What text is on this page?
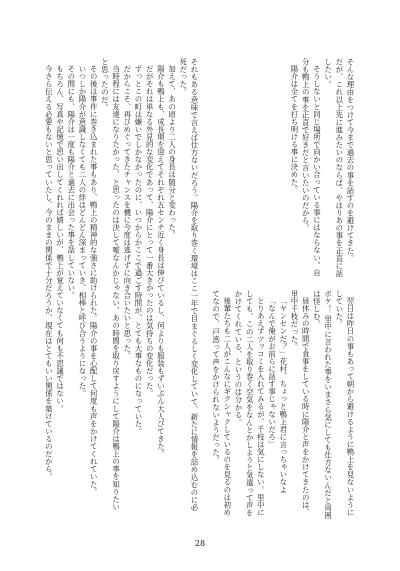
そんな理由をつけて今まで過去の事を話すのを避けてきた。

だが、これ以上先に進みたいのならば、やはりあの事を正直に話したい。

そうしないと同じ場所で向かい合っている事にはならない。自分も鴨上の事を正直で好きだと言いたいのだから。

陽介は全てを打ち明ける事に決めた。

翌日は昨日の事もあって朝から避けるように鴨上を見ないようにしていた。

ボケ！ 里中に言われた事をいまさら気にしても仕方ないんだと周囲は怪しむ。

昼休みの時間で食事をしている時に陽介と声をかけてきたのは、里中千枝だった。

「ヤンセンだ？」花村、ちょっと鴨上君に言っちゃいなよ

「なんで俺がお前らに話す事じゃないだろ」

とりあえずツッコミを入れてみるが、千枝は気にしない。里中にしても、この二人を取り巻く空気をなんとかしようと気遣って声をかけてくれている、というのは分かる。

後輩たちも二人がこんなにギクシャクしているのを見るのは初めてなので、戸惑って声をかけられないようだった。

それもある意味で言えば仕方ないだろう。陽介を取り巻く環境はここ一年で目まぐるしく変化していて、新たに情報を詰め込むのに必死だった。

加えて、あの頃より二人の身長は随分と変わった。

陽介も鴨上も、成長期を迎えてそれぞれ五センチ近く身長は伸びているし、何よりも服装もずいぶん大人びてきた。

だがそれは単なる外見的な変化であって、陽介にとって一番大きかったのは気持ちの変化だった。

ずっとこの町は嫌いでしかなかったのに、いつからかここで過ごす時間が、とても大事なものになっていた。

だからこそ、再びめぐってきたチャンスを機に今度は逃げずに向き合いたいと思った。

当時程には友達になりたかった、と思ったのは決して嘘なんかじゃない。あの時間を取り戻すようにして陽介は鴨上の事を知りたいと思ったのだ。

その後は事件に巻き込まれた事もあり、鴨上の精神的な強さに助けられた。陽介の事を心配して何度も声をかけてくれていた。

いつしか陽介が意識しなくても二人の絆はどんどん深まっていき、相棒と呼び合うようになった。

その間にも、陽介は一度も陽介と過去に出会った事を話していない。

もちろん、写真や記憶で思い出してくれれば嬉しいが、鴨上が覚えていなくても何も不思議ではない。

今さら伝える必要もないと思っていたし、今のままの関係で十分だろうか、現在はとてもいい関係を築けているのだから。

28
